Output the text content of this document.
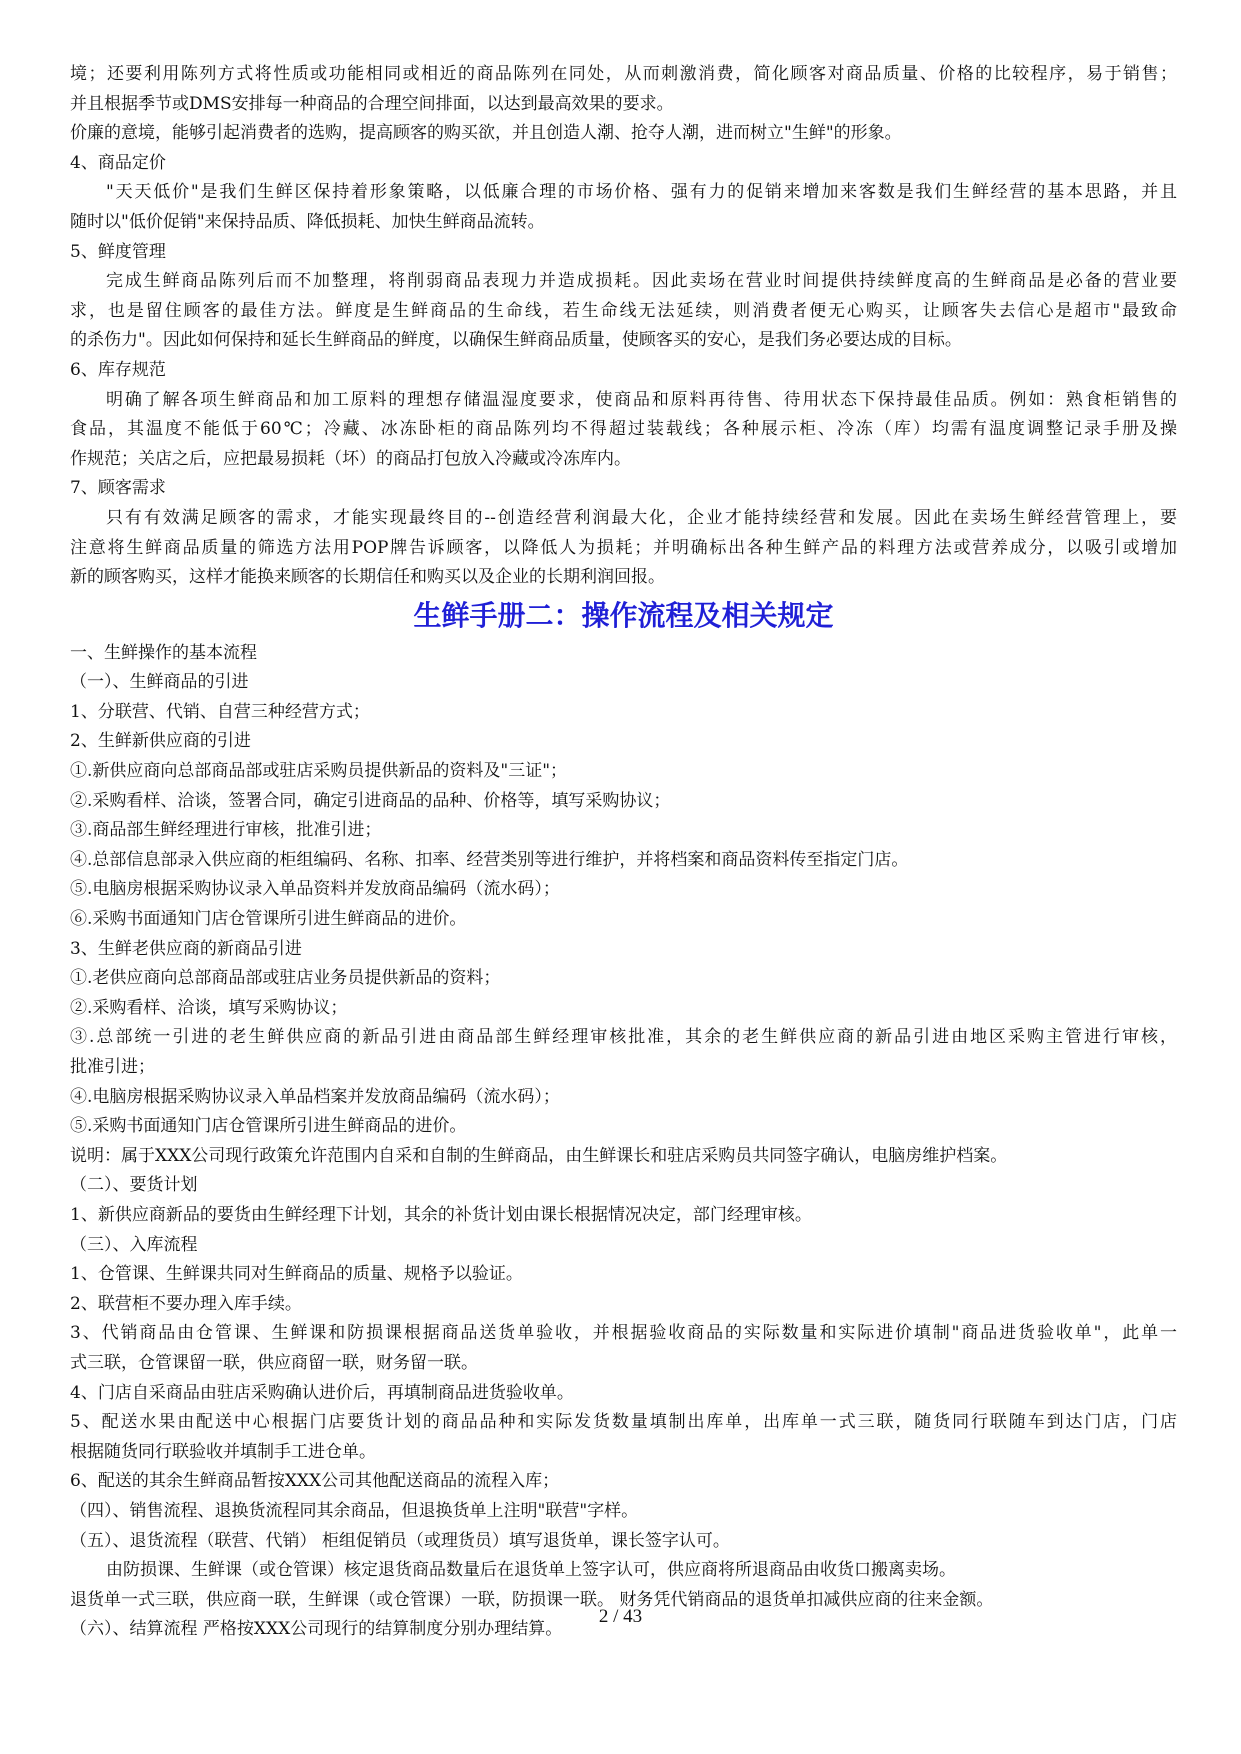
境；还要利用陈列方式将性质或功能相同或相近的商品陈列在同处，从而刺激消费，简化顾客对商品质量、价格的比较程序，易于销售；
并且根据季节或DMS安排每一种商品的合理空间排面，以达到最高效果的要求。
价廉的意境，能够引起消费者的选购，提高顾客的购买欲，并且创造人潮、抢夺人潮，进而树立"生鲜"的形象。
4、商品定价
"天天低价"是我们生鲜区保持着形象策略，以低廉合理的市场价格、强有力的促销来增加来客数是我们生鲜经营的基本思路，并且
随时以"低价促销"来保持品质、降低损耗、加快生鲜商品流转。
5、鲜度管理
完成生鲜商品陈列后而不加整理，将削弱商品表现力并造成损耗。因此卖场在营业时间提供持续鲜度高的生鲜商品是必备的营业要
求，也是留住顾客的最佳方法。鲜度是生鲜商品的生命线，若生命线无法延续，则消费者便无心购买，让顾客失去信心是超市"最致命
的杀伤力"。因此如何保持和延长生鲜商品的鲜度，以确保生鲜商品质量，使顾客买的安心，是我们务必要达成的目标。
6、库存规范
明确了解各项生鲜商品和加工原料的理想存储温湿度要求，使商品和原料再待售、待用状态下保持最佳品质。例如：熟食柜销售的
食品，其温度不能低于60℃；冷藏、冰冻卧柜的商品陈列均不得超过装载线；各种展示柜、冷冻（库）均需有温度调整记录手册及操
作规范；关店之后，应把最易损耗（坏）的商品打包放入冷藏或冷冻库内。
7、顾客需求
只有有效满足顾客的需求，才能实现最终目的--创造经营利润最大化，企业才能持续经营和发展。因此在卖场生鲜经营管理上，要
注意将生鲜商品质量的筛选方法用POP牌告诉顾客，以降低人为损耗；并明确标出各种生鲜产品的料理方法或营养成分，以吸引或增加
新的顾客购买，这样才能换来顾客的长期信任和购买以及企业的长期利润回报。
生鲜手册二：操作流程及相关规定
一、生鲜操作的基本流程
（一）、生鲜商品的引进
1、分联营、代销、自营三种经营方式；
2、生鲜新供应商的引进
①.新供应商向总部商品部或驻店采购员提供新品的资料及"三证"；
②.采购看样、洽谈，签署合同，确定引进商品的品种、价格等，填写采购协议；
③.商品部生鲜经理进行审核，批准引进；
④.总部信息部录入供应商的柜组编码、名称、扣率、经营类别等进行维护，并将档案和商品资料传至指定门店。
⑤.电脑房根据采购协议录入单品资料并发放商品编码（流水码）；
⑥.采购书面通知门店仓管课所引进生鲜商品的进价。
3、生鲜老供应商的新商品引进
①.老供应商向总部商品部或驻店业务员提供新品的资料；
②.采购看样、洽谈，填写采购协议；
③.总部统一引进的老生鲜供应商的新品引进由商品部生鲜经理审核批准，其余的老生鲜供应商的新品引进由地区采购主管进行审核，
批准引进；
④.电脑房根据采购协议录入单品档案并发放商品编码（流水码）；
⑤.采购书面通知门店仓管课所引进生鲜商品的进价。
说明：属于XXX公司现行政策允许范围内自采和自制的生鲜商品，由生鲜课长和驻店采购员共同签字确认，电脑房维护档案。
（二）、要货计划
1、新供应商新品的要货由生鲜经理下计划，其余的补货计划由课长根据情况决定，部门经理审核。
（三）、入库流程
1、仓管课、生鲜课共同对生鲜商品的质量、规格予以验证。
2、联营柜不要办理入库手续。
3、代销商品由仓管课、生鲜课和防损课根据商品送货单验收，并根据验收商品的实际数量和实际进价填制"商品进货验收单"，此单一
式三联，仓管课留一联，供应商留一联，财务留一联。
4、门店自采商品由驻店采购确认进价后，再填制商品进货验收单。
5、配送水果由配送中心根据门店要货计划的商品品种和实际发货数量填制出库单，出库单一式三联，随货同行联随车到达门店，门店
根据随货同行联验收并填制手工进仓单。
6、配送的其余生鲜商品暂按XXX公司其他配送商品的流程入库；
（四）、销售流程、退换货流程同其余商品，但退换货单上注明"联营"字样。
（五）、退货流程（联营、代销） 柜组促销员（或理货员）填写退货单，课长签字认可。
由防损课、生鲜课（或仓管课）核定退货商品数量后在退货单上签字认可，供应商将所退商品由收货口搬离卖场。
退货单一式三联，供应商一联，生鲜课（或仓管课）一联，防损课一联。 财务凭代销商品的退货单扣减供应商的往来金额。
（六）、结算流程 严格按XXX公司现行的结算制度分别办理结算。
2 / 43
